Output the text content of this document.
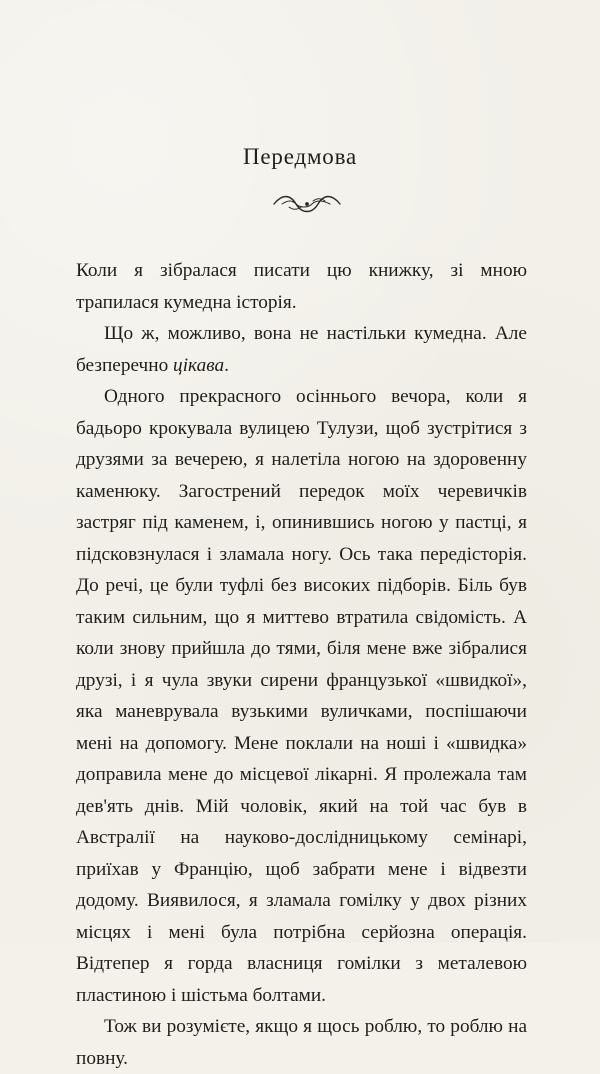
Передмова

Коли я зібралася писати цю книжку, зі мною трапилася кумедна історія.

Що ж, можливо, вона не настільки кумедна. Але безперечно цікава.

Одного прекрасного осіннього вечора, коли я бадьоро крокувала вулицею Тулузи, щоб зустрітися з друзями за вечерею, я налетіла ногою на здоровенну каменюку. Загострений передок моїх черевичків застряг під каменем, і, опинившись ногою у пастці, я підсковзнулася і зламала ногу. Ось така передісторія. До речі, це були туфлі без високих підборів. Біль був таким сильним, що я миттево втратила свідомість. А коли знову прийшла до тями, біля мене вже зібралися друзі, і я чула звуки сирени французької «швидкої», яка маневрувала вузькими вуличками, поспішаючи мені на допомогу. Мене поклали на ноші і «швидка» доправила мене до місцевої лікарні. Я пролежала там дев'ять днів. Мій чоловік, який на той час був в Австралії на науково-дослідницькому семінарі, приїхав у Францію, щоб забрати мене і відвезти додому. Виявилося, я зламала гомілку у двох різних місцях і мені була потрібна серйозна операція. Відтепер я горда власниця гомілки з металевою пластиною і шістьма болтами.

Тож ви розумієте, якщо я щось роблю, то роблю на повну.
